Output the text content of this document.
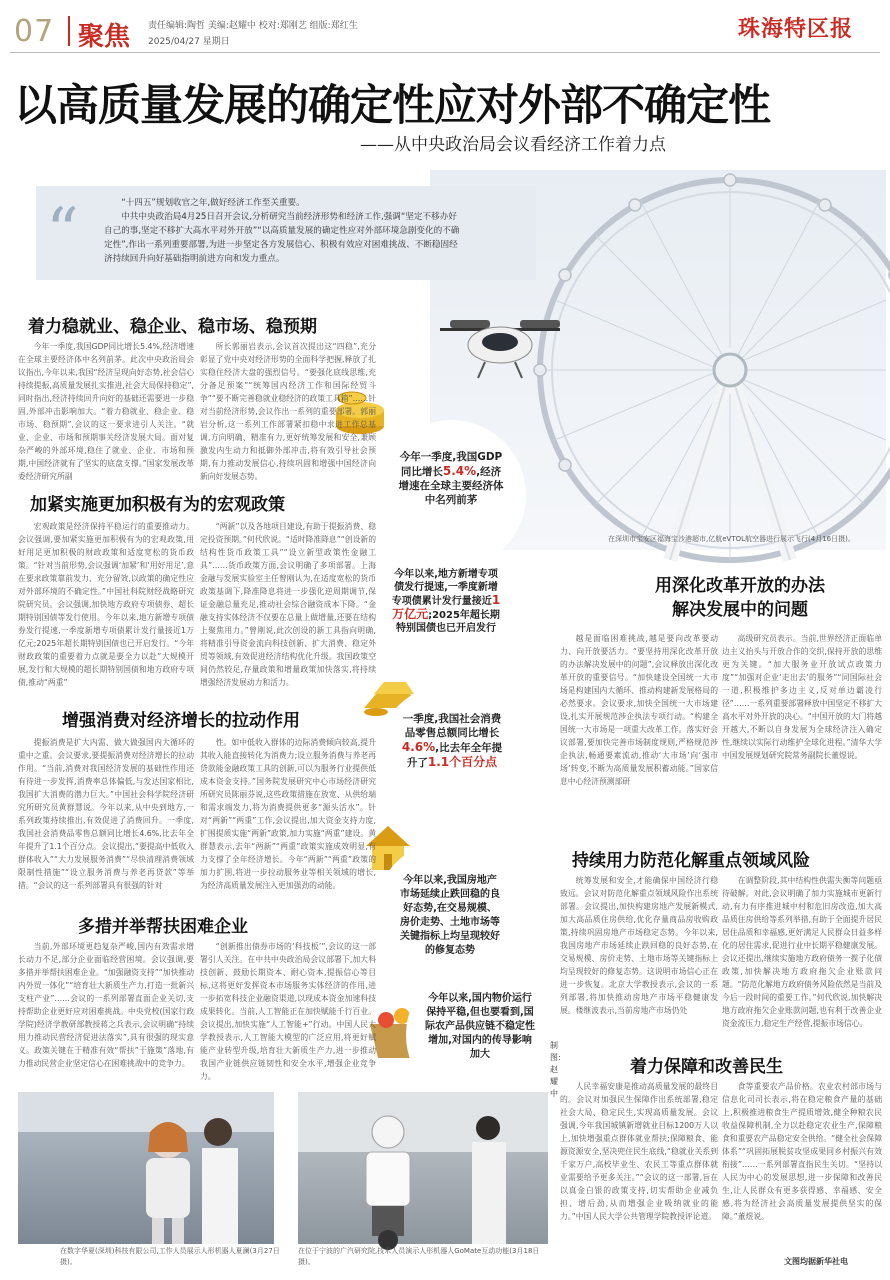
07 聚焦 责任编辑:陶哲 美编:赵耀中 校对:郑刚艺 组版:郑红生
2025/04/27 星期日	珠海特区报
以高质量发展的确定性应对外部不确定性
——从中央政治局会议看经济工作着力点
在深圳市宝安区福海宝沙港超市,亿航eVTOL航空器进行展示飞行(4月16日摄)。
“	“十四五”规划收官之年,做好经济工作至关重要。

中共中央政治局4月25日召开会议,分析研究当前经济形势和经济工作,强调“坚定不移办好自己的事,坚定不移扩大高水平对外开放”“以高质量发展的确定性应对外部环境急剧变化的不确定性”,作出一系列重要部署,为进一步坚定各方发展信心、积极有效应对困难挑战、不断稳固经济持续回升向好基础指明前进方向和发力重点。

今年一季度,我国GDP同比增长5.4%,经济增速在全球主要经济体中名列前茅
今年以来,地方新增专项债发行提速,一季度新增专项债累计发行量接近1万亿元;2025年超长期特别国债也已开启发行
一季度,我国社会消费品零售总额同比增长4.6%,比去年全年提升了1.1个百分点
今年以来,我国房地产市场延续止跌回稳的良好态势,在交易规模、房价走势、土地市场等关键指标上均呈现较好的修复态势
今年以来,国内物价运行保持平稳,但也要看到,国际农产品供应链不稳定性增加,对国内的传导影响加大
制图:赵耀中
着力稳就业、稳企业、稳市场、稳预期

今年一季度,我国GDP同比增长5.4%,经济增速在全球主要经济体中名列前茅。此次中央政治局会议指出,今年以来,我国“经济呈现向好态势,社会信心持续提振,高质量发展扎实推进,社会大局保持稳定”,同时指出,经济持续回升向好的基础还需要进一步稳固,外部冲击影响加大。“着力稳就业、稳企业、稳市场、稳预期”,会议的这一要求进引人关注。“就业、企业、市场和预期事关经济发展大局。面对复杂严峻的外部环境,稳住了就业、企业、市场和预期,中国经济就有了坚实的底盘支撑。”国家发展改革委经济研究所副

所长郭丽岩表示,会议首次提出这“四稳”,充分彰显了党中央对经济形势的全面科学把握,释放了扎实稳住经济大盘的强烈信号。“要强化底线思维,充分备足预案”“统筹国内经济工作和国际经贸斗争”“要不断完善稳就业稳经济的政策工具箱”……针对当前经济形势,会议作出一系列的重要部署。郭丽岩分析,这一系列工作部署紧扣稳中求进工作总基调,方向明确、精准有力,更好统筹发展和安全,兼顾激发内生动力和抵御外部冲击,将有效引导社会预期,有力推动发展信心,持续巩固和增强中国经济向新向好发展态势。

加紧实施更加积极有为的宏观政策

宏观政策是经济保持平稳运行的重要推动力。会议强调,要加紧实施更加积极有为的宏观政策,用好用足更加积极的财政政策和适度宽松的货币政策。“针对当前形势,会议强调‘加紧’和‘用好用足’,意在要求政策靠前发力、充分留效,以政策的确定性应对外部环境的不确定性。”中国社科院财经战略研究院研究员。会议强调,加快地方政府专项债券、超长期特别国债等发行使用。今年以来,地方新增专项债券发行提速,一季度新增专项债累计发行量接近1万亿元;2025年超长期特别国债也已开启发行。“今年财政政策的重要着力点就是要全力以赴”大规模开展,发行和大规模的超长期特别国债和地方政府专项债,推动“两重”

“两新”以及各地项目建设,有助于提振消费、稳定投资预期。”何代欣说。“适时降准降息”“创设新的结构性货币政策工具”“设立新型政策性金融工具”……货币政策方面,会议明确了多项部署。上海金融与发展实验室主任曾刚认为,在适度宽松的货币政策基调下,降准降息将进一步强化逆周期调节,保证金融总量充足,推动社会综合融资成本下降。“金融支持实体经济不仅要在总量上做增量,还要在结构上聚焦用力。”曾刚说,此次创设的新工具指向明确,将精准引导资金流向科技创新、扩大消费、稳定外贸等领域,有效促进经济结构优化升级。我国政策空间仍然较足,存量政策和增量政策加快落实,将持续增强经济发展动力和活力。

增强消费对经济增长的拉动作用

提振消费是扩大内需、做大做强国内大循环的重中之重。会议要求,要提振消费对经济增长的拉动作用。“当前,消费对我国经济发展的基础性作用还有待进一步发挥,消费率总体偏低,与发达国家相比,我国扩大消费的潜力巨大。”中国社会科学院经济研究所研究员黄群慧说。今年以来,从中央到地方,一系列政策持续推出,有效促进了消费回升。一季度,我国社会消费品零售总额同比增长4.6%,比去年全年提升了1.1个百分点。会议提出,“要提高中低收入群体收入”“大力发展服务消费”“尽快清理消费领域限制性措施”“设立服务消费与养老再贷款”等举措。“会议的这一系列部署具有很强的针对

性。如中低收入群体的边际消费倾向较高,提升其收入能直接转化为消费力;设立服务消费与养老再贷款能金融政策工具的创新,可以为服务行业提供低成本资金支持。”国务院发展研究中心市场经济研究所研究员陈丽芬说,这些政策措施在放宽、从供给端和需求端发力,将为消费提供更多“源头活水”。针对“两新”“两重”工作,会议提出,加大资金支持力度,扩围提质实施“两新”政策,加力实施“两重”建设。黄群慧表示,去年“两新”“两重”政策实施成效明显,有力支撑了全年经济增长。今年“两新”“两重”政策的加力扩围,将进一步拉动服务业等相关领域的增长,为经济高质量发展注入更加强劲的动能。

多措并举帮扶困难企业

当前,外部环境更趋复杂严峻,国内有效需求增长动力不足,部分企业面临经营困境。会议强调,要多措并举帮扶困难企业。“加强融资支持”“加快推动内外贸一体化”“培育壮大新质生产力,打造一批新兴支柱产业”……会议的一系列部署直面企业关切,支持帮助企业更好应对困难挑战。中央党校(国家行政学院)经济学教研部教授蒋之兵表示,会议明确“持续用力推动民营经济促进法落实”,具有很强的现实意义。政策关键在于精准有效“帮扶”于施策”落地,有力推动民营企业坚定信心在困难挑战中的竞争力。

“创新推出债券市场的‘科技板’”,会议的这一部署引人关注。在中共中央政治局会议部署下,加大科技创新、鼓励长期资本、耐心资本,提振信心等目标,这将更好发挥资本市场服务实体经济的作用,进一步拓宽科技企业融资渠道,以现成本资金加速科技成果转化。当前,人工智能正在加快赋能千行百业。会议提出,加快实施“人工智能+”行动。中国人民大学教授表示,人工智能大模型的广泛应用,将更好赋能产业转型升级,培育壮大新质生产力,进一步推动我国产业链供应链韧性和安全水平,增强企业竞争力。

用深化改革开放的办法
解决发展中的问题

越是面临困难挑战,越是要向改革要动力、向开放要活力。“要坚持用深化改革开放的办法解决发展中的问题”,会议释放出深化改革开放的重要信号。“加快建设全国统一大市场是构建国内大循环、推动构建新发展格局的必然要求。会议要求,加快全国统一大市场建设,扎实开展规范涉企执法专项行动。“构建全国统一大市场是一项重大改革工作。落实好会议部署,要加快完善市场制度规则,严格规范涉企执法,畅通要素流动,推动‘大市场’向‘强市场’转变,不断为高质量发展积蓄动能。”国家信息中心经济预测部研

高级研究员表示。当前,世界经济正面临单边主义抬头与开放合作的交织,保持开放的思维更为关键。“加大服务业开放试点政策力度”“加强对企业‘走出去’的服务”“同国际社会一道,积极维护多边主义,反对单边霸凌行径”……一系列重要部署释放中国坚定不移扩大高水平对外开放的决心。“中国开放的大门将越开越大,不断以自身发展为全球经济注入确定性,继续以实际行动维护全球化进程。”清华大学中国发展规划研究院常务副院长董煜说。

持续用力防范化解重点领域风险

统筹发展和安全,才能确保中国经济行稳致远。会议对防范化解重点领域风险作出系统部署。会议提出,加快构建房地产发展新模式,加大高品质住房供给,优化存量商品房收购政策,持续巩固房地产市场稳定态势。今年以来,我国房地产市场延续止跌回稳的良好态势,在交易规模、房价走势、土地市场等关键指标上均呈现较好的修复态势。这说明市场信心正在进一步恢复。北京大学教授表示,会议的一系列部署,将加快推动房地产市场平稳健康发展。楼继波表示,当前房地产市场仍处

在调整阶段,其中结构性供需失衡等问题亟待破解。对此,会议明确了加力实施城市更新行动,有力有序推进城中村和危旧房改造,加大高品质住房供给等系列举措,有助于全面提升居民居住品质和幸福感,更好满足人民群众日益多样化的居住需求,促进行业中长期平稳健康发展。会议还提出,继续实施地方政府债务一揽子化债政策,加快解决地方政府拖欠企业账款问题。“防范化解地方政府债务风险依然是当前及今后一段时间的重要工作。”何代欣说,加快解决地方政府拖欠企业账款问题,也有利于改善企业资金流压力,稳定生产经营,提振市场信心。

着力保障和改善民生

人民幸福安康是推动高质量发展的最终目的。会议对加强民生保障作出系统部署,稳定社会大局、稳定民生,实现高质量发展。会议强调,今年我国城镇新增就业目标1200万人以上,加快增强重点群体就业帮扶;保障粮食、能源资源安全,坚决兜住民生底线,“稳就业关系到千家万户,高校毕业生、农民工等重点群体就业需要给予更多关注。”“会议的这一部署,旨在以真金白银的政策支持,切实帮助企业减负担、增后劲,从而增强企业吸纳就业的能力。”中国人民大学公共管理学院教授评论道。

食等重要农产品价格。农业农村部市场与信息化司司长表示,将在稳定粮食产量的基础上,积极推进粮食生产提质增效,健全种粮农民收益保障机制,全力以赴稳定农业生产,保障粮食和重要农产品稳定安全供给。“健全社会保障体系”“巩固拓展脱贫攻坚成果同乡村振兴有效衔接”……一系列部署直指民生关切。“坚持以人民为中心的发展思想,进一步保障和改善民生,让人民群众有更多获得感、幸福感、安全感,将为经济社会高质量发展提供坚实的保障。”董煜说。

文图均据新华社电
在数字华夏(深圳)科技有限公司,工作人员展示人形机器人夏澜(3月27日摄)。
在位于宁波的广汽研究院,技术人员演示人形机器人GoMate互动功能(3月18日摄)。
